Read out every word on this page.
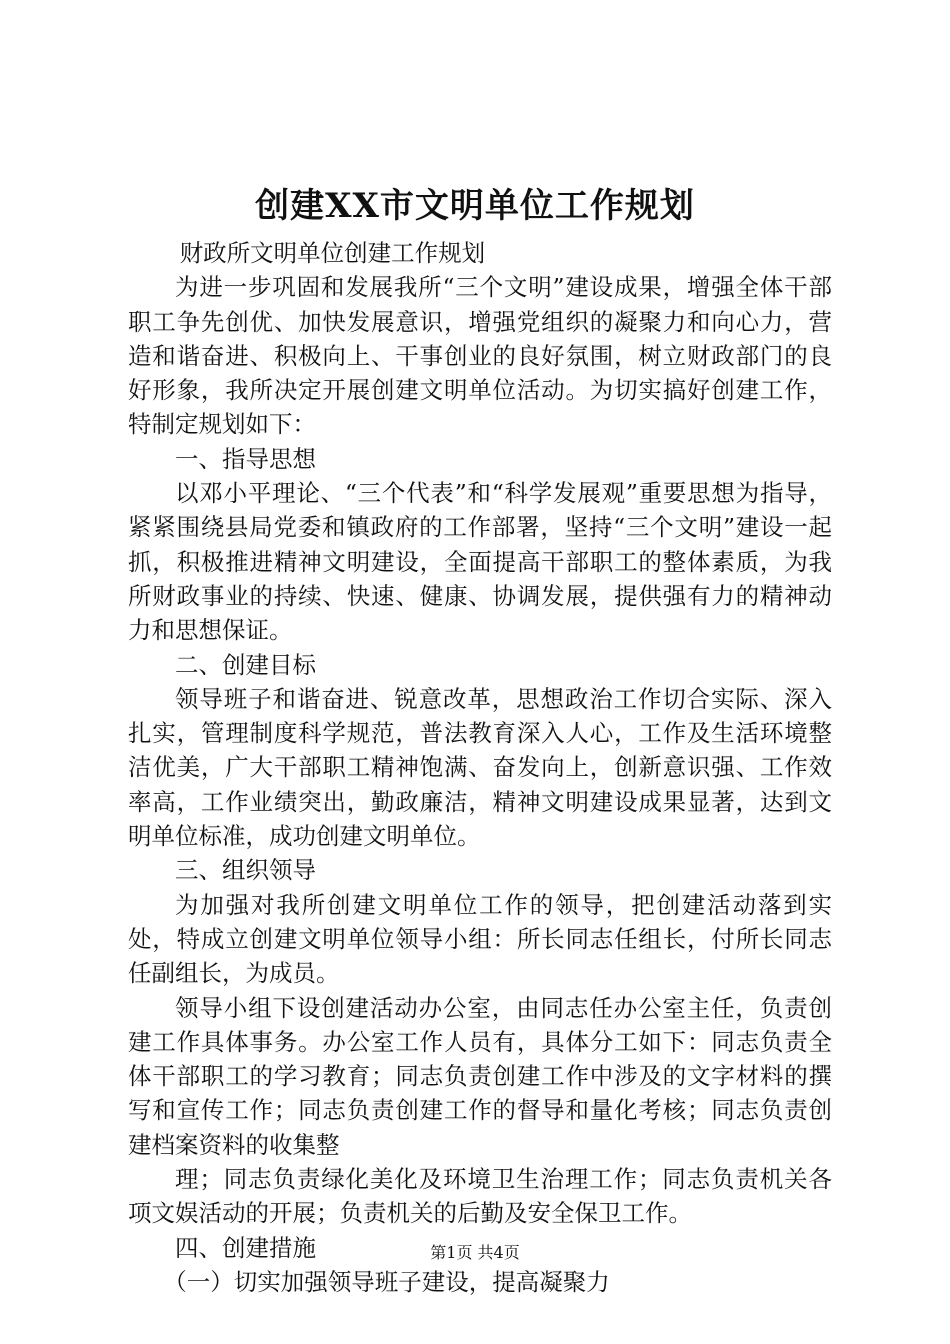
创建XX市文明单位工作规划

财政所文明单位创建工作规划

为进一步巩固和发展我所“三个文明”建设成果，增强全体干部职工争先创优、加快发展意识，增强党组织的凝聚力和向心力，营造和谐奋进、积极向上、干事创业的良好氛围，树立财政部门的良好形象，我所决定开展创建文明单位活动。为切实搞好创建工作，特制定规划如下：

一、指导思想

以邓小平理论、“三个代表”和“科学发展观”重要思想为指导，紧紧围绕县局党委和镇政府的工作部署，坚持“三个文明”建设一起抓，积极推进精神文明建设，全面提高干部职工的整体素质，为我所财政事业的持续、快速、健康、协调发展，提供强有力的精神动力和思想保证。

二、创建目标

领导班子和谐奋进、锐意改革，思想政治工作切合实际、深入扎实，管理制度科学规范，普法教育深入人心，工作及生活环境整洁优美，广大干部职工精神饱满、奋发向上，创新意识强、工作效率高，工作业绩突出，勤政廉洁，精神文明建设成果显著，达到文明单位标准，成功创建文明单位。

三、组织领导

为加强对我所创建文明单位工作的领导，把创建活动落到实处，特成立创建文明单位领导小组：所长同志任组长，付所长同志任副组长，为成员。

领导小组下设创建活动办公室，由同志任办公室主任，负责创建工作具体事务。办公室工作人员有，具体分工如下：同志负责全体干部职工的学习教育；同志负责创建工作中涉及的文字材料的撰写和宣传工作；同志负责创建工作的督导和量化考核；同志负责创建档案资料的收集整

理；同志负责绿化美化及环境卫生治理工作；同志负责机关各项文娱活动的开展；负责机关的后勤及安全保卫工作。

四、创建措施

（一）切实加强领导班子建设，提高凝聚力

第1页 共4页
